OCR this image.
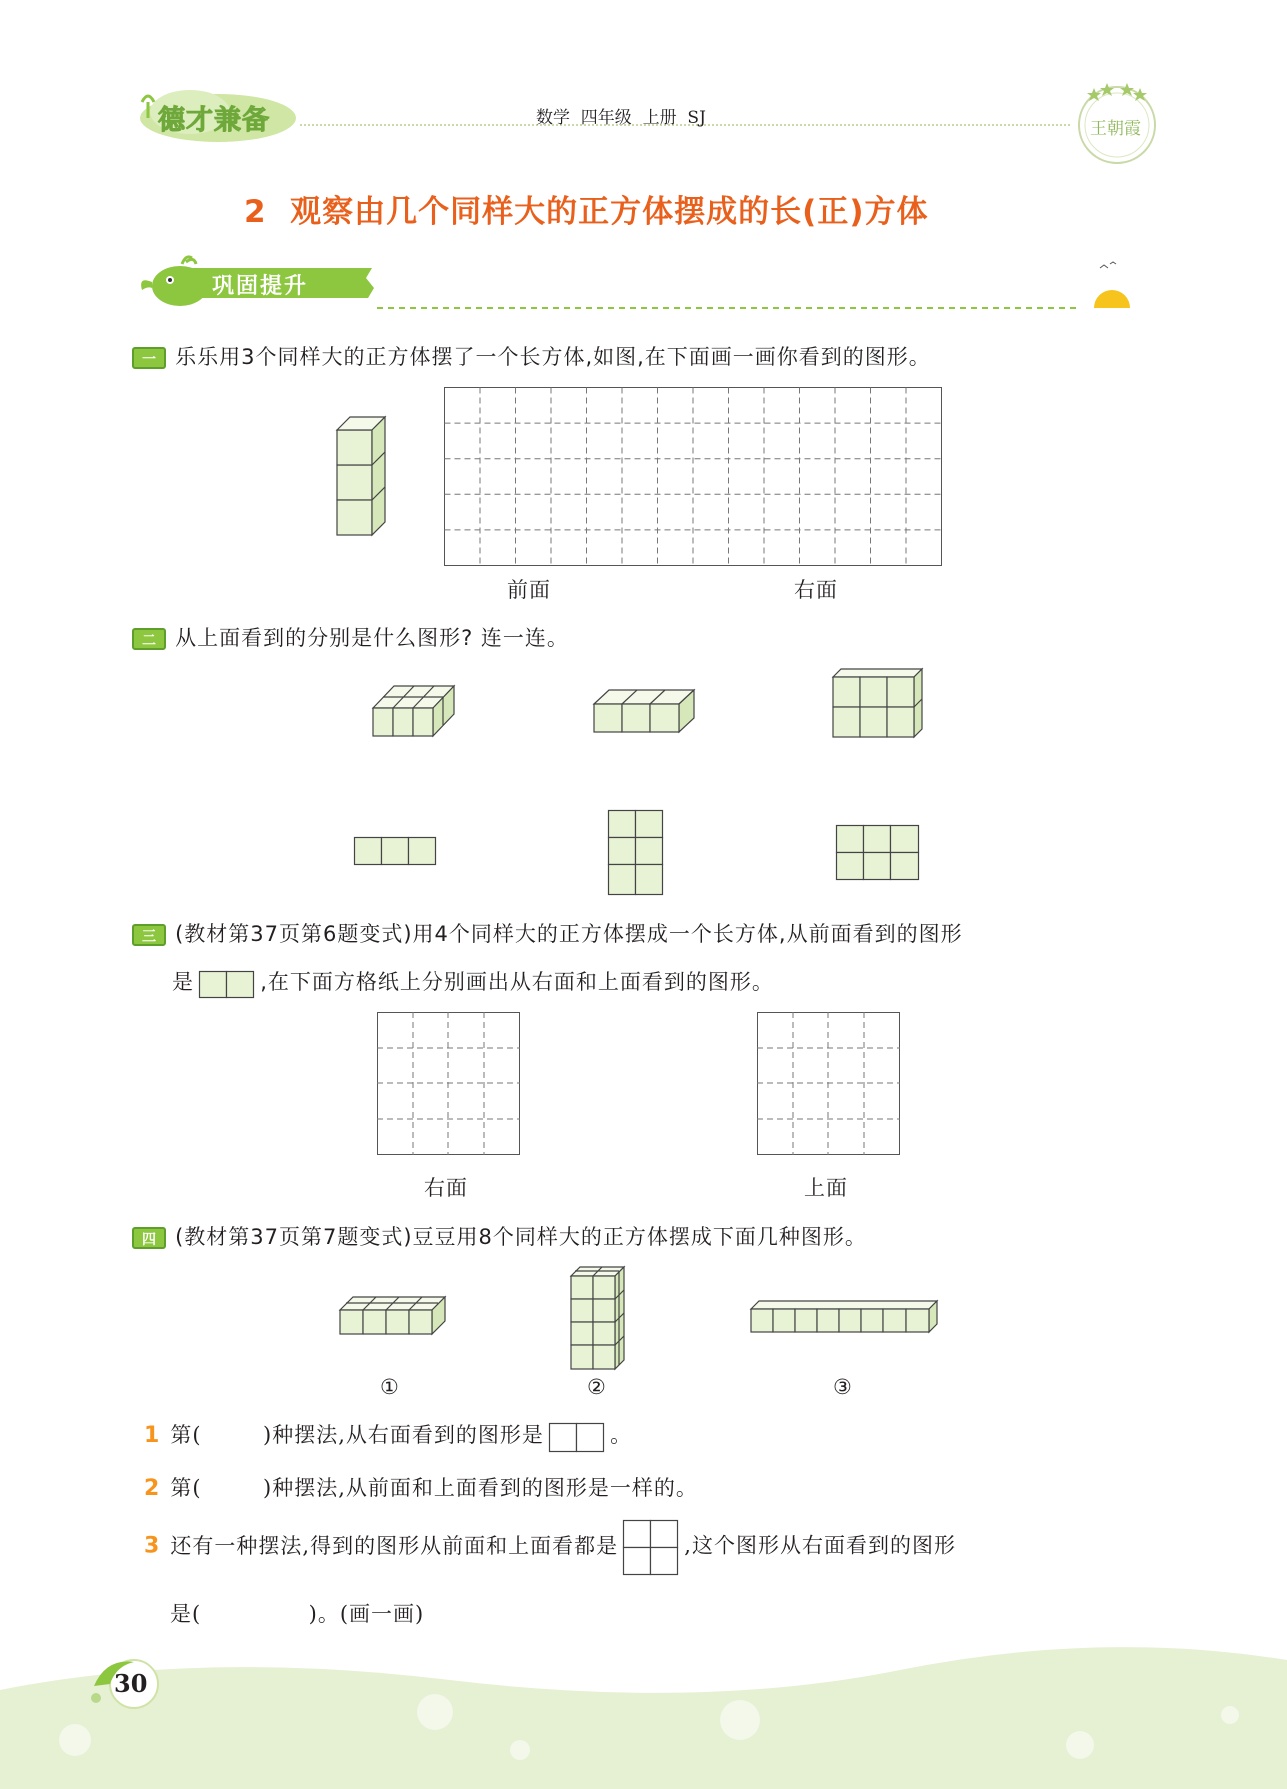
德才兼备	数学  四年级  上册  SJ
王朝霞
2  观察由几个同样大的正方体摆成的长(正)方体
巩固提升
一 乐乐用3个同样大的正方体摆了一个长方体,如图,在下面画一画你看到的图形。
前面	右面
二 从上面看到的分别是什么图形? 连一连。
三 (教材第37页第6题变式)用4个同样大的正方体摆成一个长方体,从前面看到的图形
是	,在下面方格纸上分别画出从右面和上面看到的图形。
右面	上面
四 (教材第37页第7题变式)豆豆用8个同样大的正方体摆成下面几种图形。
①	②	③
1 第(        )种摆法,从右面看到的图形是	。
2 第(        )种摆法,从前面和上面看到的图形是一样的。
3 还有一种摆法,得到的图形从前面和上面看都是	,这个图形从右面看到的图形
是(              )。(画一画)
30
